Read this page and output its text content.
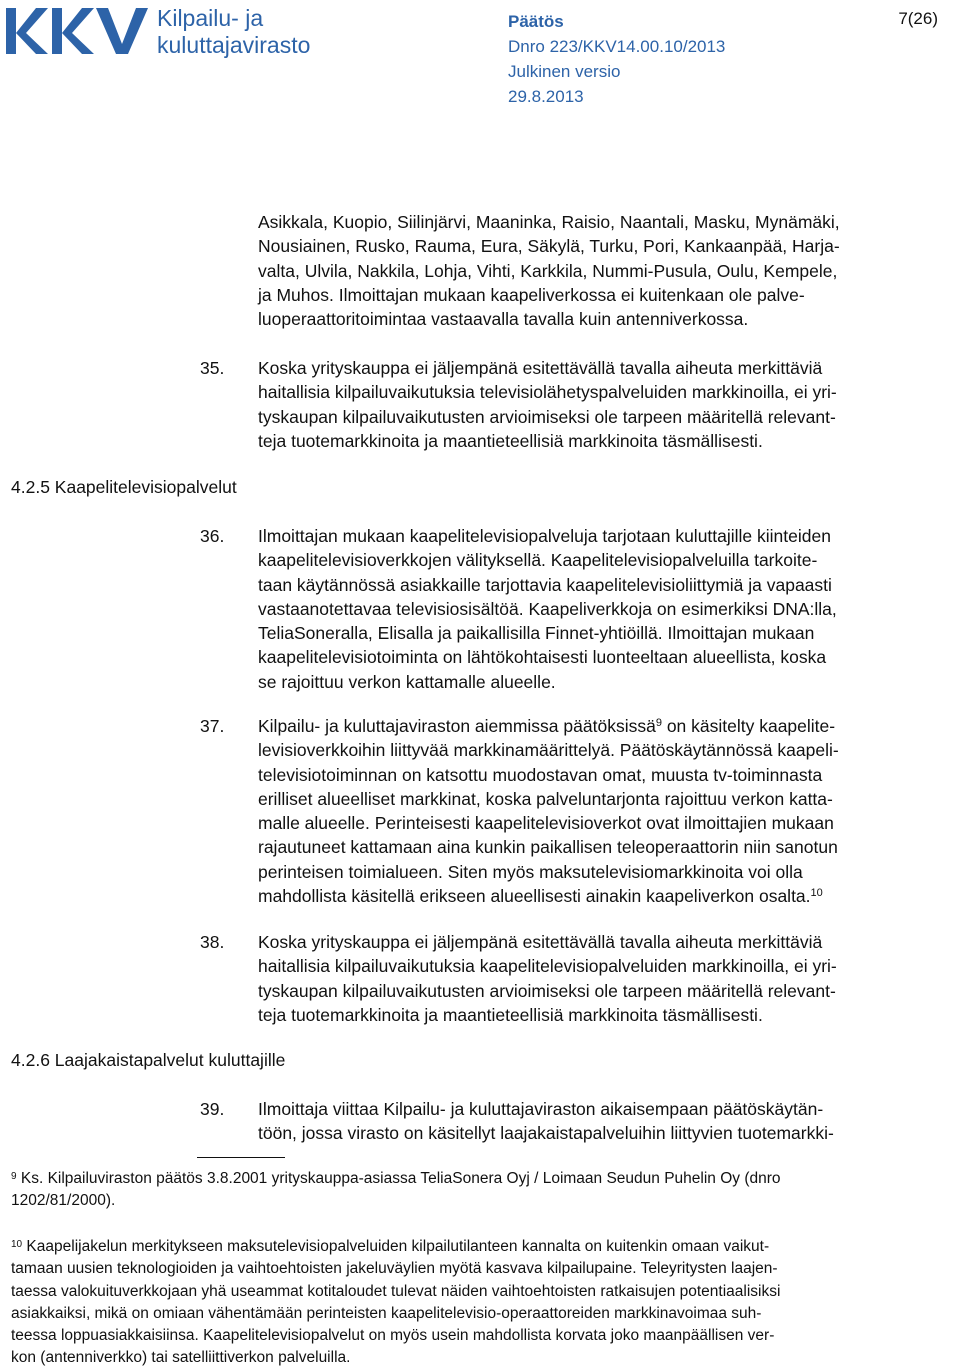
Kilpailu- ja
kuluttajavirasto
Päätös
Dnro 223/KKV14.00.10/2013
Julkinen versio
29.8.2013
7(26)
Asikkala, Kuopio, Siilinjärvi, Maaninka, Raisio, Naantali, Masku, Mynämäki,
Nousiainen, Rusko, Rauma, Eura, Säkylä, Turku, Pori, Kankaanpää, Harja-
valta, Ulvila, Nakkila, Lohja, Vihti, Karkkila, Nummi-Pusula, Oulu, Kempele,
ja Muhos. Ilmoittajan mukaan kaapeliverkossa ei kuitenkaan ole palve-
luoperaattoritoimintaa vastaavalla tavalla kuin antenniverkossa.
35. Koska yrityskauppa ei jäljempänä esitettävällä tavalla aiheuta merkittäviä
haitallisia kilpailuvaikutuksia televisiolähetyspalveluiden markkinoilla, ei yri-
tyskaupan kilpailuvaikutusten arvioimiseksi ole tarpeen määritellä relevant-
teja tuotemarkkinoita ja maantieteellisiä markkinoita täsmällisesti.
4.2.5 Kaapelitelevisiopalvelut
36. Ilmoittajan mukaan kaapelitelevisiopalveluja tarjotaan kuluttajille kiinteiden
kaapelitelevisioverkkojen välityksellä. Kaapelitelevisiopalveluilla tarkoite-
taan käytännössä asiakkaille tarjottavia kaapelitelevisioliittymiä ja vapaasti
vastaanotettavaa televisiosisältöä. Kaapeliverkkoja on esimerkiksi DNA:lla,
TeliaSoneralla, Elisalla ja paikallisilla Finnet-yhtiöillä. Ilmoittajan mukaan
kaapelitelevisiotoiminta on lähtökohtaisesti luonteeltaan alueellista, koska
se rajoittuu verkon kattamalle alueelle.
37. Kilpailu- ja kuluttajaviraston aiemmissa päätöksissä$^9$ on käsitelty kaapelite-
levisioverkkoihin liittyvää markkinamäärittelyä. Päätöskäytännössä kaapeli-
televisiotoiminnan on katsottu muodostavan omat, muusta tv-toiminnasta
erilliset alueelliset markkinat, koska palveluntarjonta rajoittuu verkon katta-
malle alueelle. Perinteisesti kaapelitelevisioverkot ovat ilmoittajien mukaan
rajautuneet kattamaan aina kunkin paikallisen teleoperaattorin niin sanotun
perinteisen toimialueen. Siten myös maksutelevisiomarkkinoita voi olla
mahdollista käsitellä erikseen alueellisesti ainakin kaapeliverkon osalta.$^{10}$
38. Koska yrityskauppa ei jäljempänä esitettävällä tavalla aiheuta merkittäviä
haitallisia kilpailuvaikutuksia kaapelitelevisiopalveluiden markkinoilla, ei yri-
tyskaupan kilpailuvaikutusten arvioimiseksi ole tarpeen määritellä relevant-
teja tuotemarkkinoita ja maantieteellisiä markkinoita täsmällisesti.
4.2.6 Laajakaistapalvelut kuluttajille
39. Ilmoittaja viittaa Kilpailu- ja kuluttajaviraston aikaisempaan päätöskäytän-
töön, jossa virasto on käsitellyt laajakaistapalveluihin liittyvien tuotemarkki-
$^9$ Ks. Kilpailuviraston päätös 3.8.2001 yrityskauppa-asiassa TeliaSonera Oyj / Loimaan Seudun Puhelin Oy (dnro
1202/81/2000).
$^{10}$ Kaapelijakelun merkitykseen maksutelevisiopalveluiden kilpailutilanteen kannalta on kuitenkin omaan vaikut-
tamaan uusien teknologioiden ja vaihtoehtoisten jakeluväylien myötä kasvava kilpailupaine. Teleyritysten laajen-
taessa valokuituverkkojaan yhä useammat kotitaloudet tulevat näiden vaihtoehtoisten ratkaisujen potentiaalisiksi
asiakkaiksi, mikä on omiaan vähentämään perinteisten kaapelitelevisio-operaattoreiden markkinavoimaa suh-
teessa loppuasiakkaisiinsa. Kaapelitelevisiopalvelut on myös usein mahdollista korvata joko maanpäällisen ver-
kon (antenniverkko) tai satelliittiverkon palveluilla.
